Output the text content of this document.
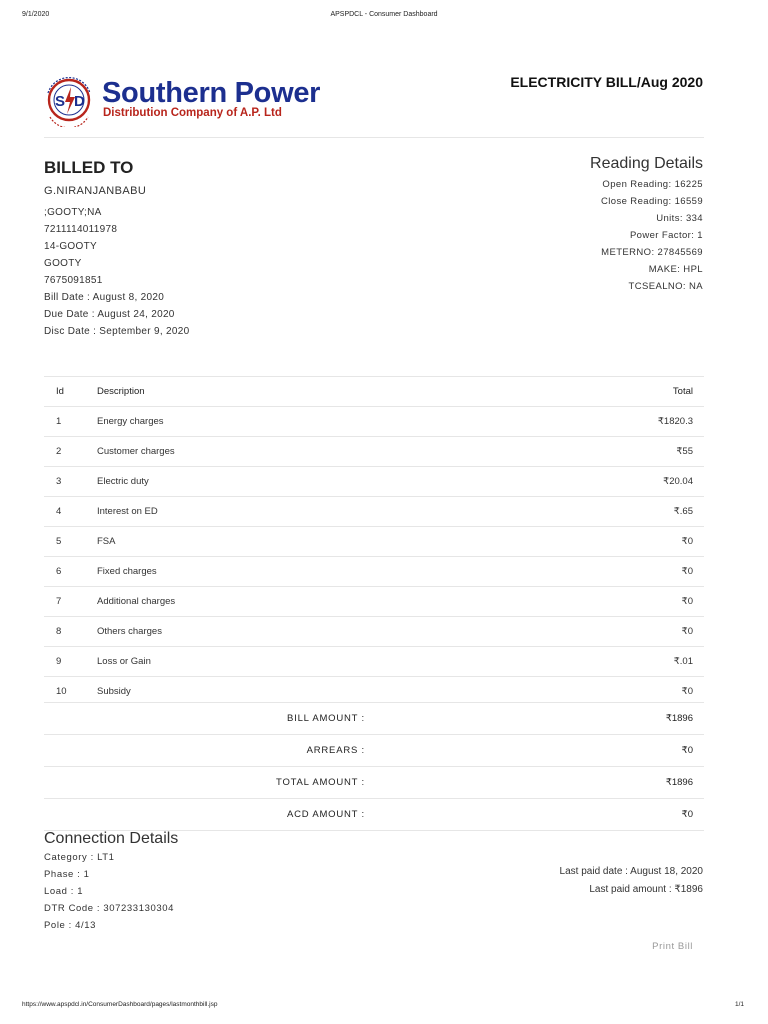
9/1/2020	APSPDCL - Consumer Dashboard
S D Southern Power
Distribution Company of A.P. Ltd
ELECTRICITY BILL/Aug 2020
BILLED TO
G.NIRANJANBABU
;GOOTY;NA
7211114011978
14-GOOTY
GOOTY
7675091851
Bill Date : August 8, 2020
Due Date : August 24, 2020
Disc Date : September 9, 2020
Reading Details
Open Reading: 16225
Close Reading: 16559
Units: 334
Power Factor: 1
METERNO: 27845569
MAKE: HPL
TCSEALNO: NA
Id	Description	Total
1	Energy charges	₹1820.3
2	Customer charges	₹55
3	Electric duty	₹20.04
4	Interest on ED	₹.65
5	FSA	₹0
6	Fixed charges	₹0
7	Additional charges	₹0
8	Others charges	₹0
9	Loss or Gain	₹.01
10	Subsidy	₹0
BILL AMOUNT :	₹1896
ARREARS :	₹0
TOTAL AMOUNT :	₹1896
ACD AMOUNT :	₹0
Connection Details
Category : LT1
Phase : 1
Load : 1
DTR Code : 307233130304
Pole : 4/13
Last paid date : August 18, 2020
Last paid amount : ₹1896
Print Bill
https://www.apspdcl.in/ConsumerDashboard/pages/lastmonthbill.jsp	1/1
